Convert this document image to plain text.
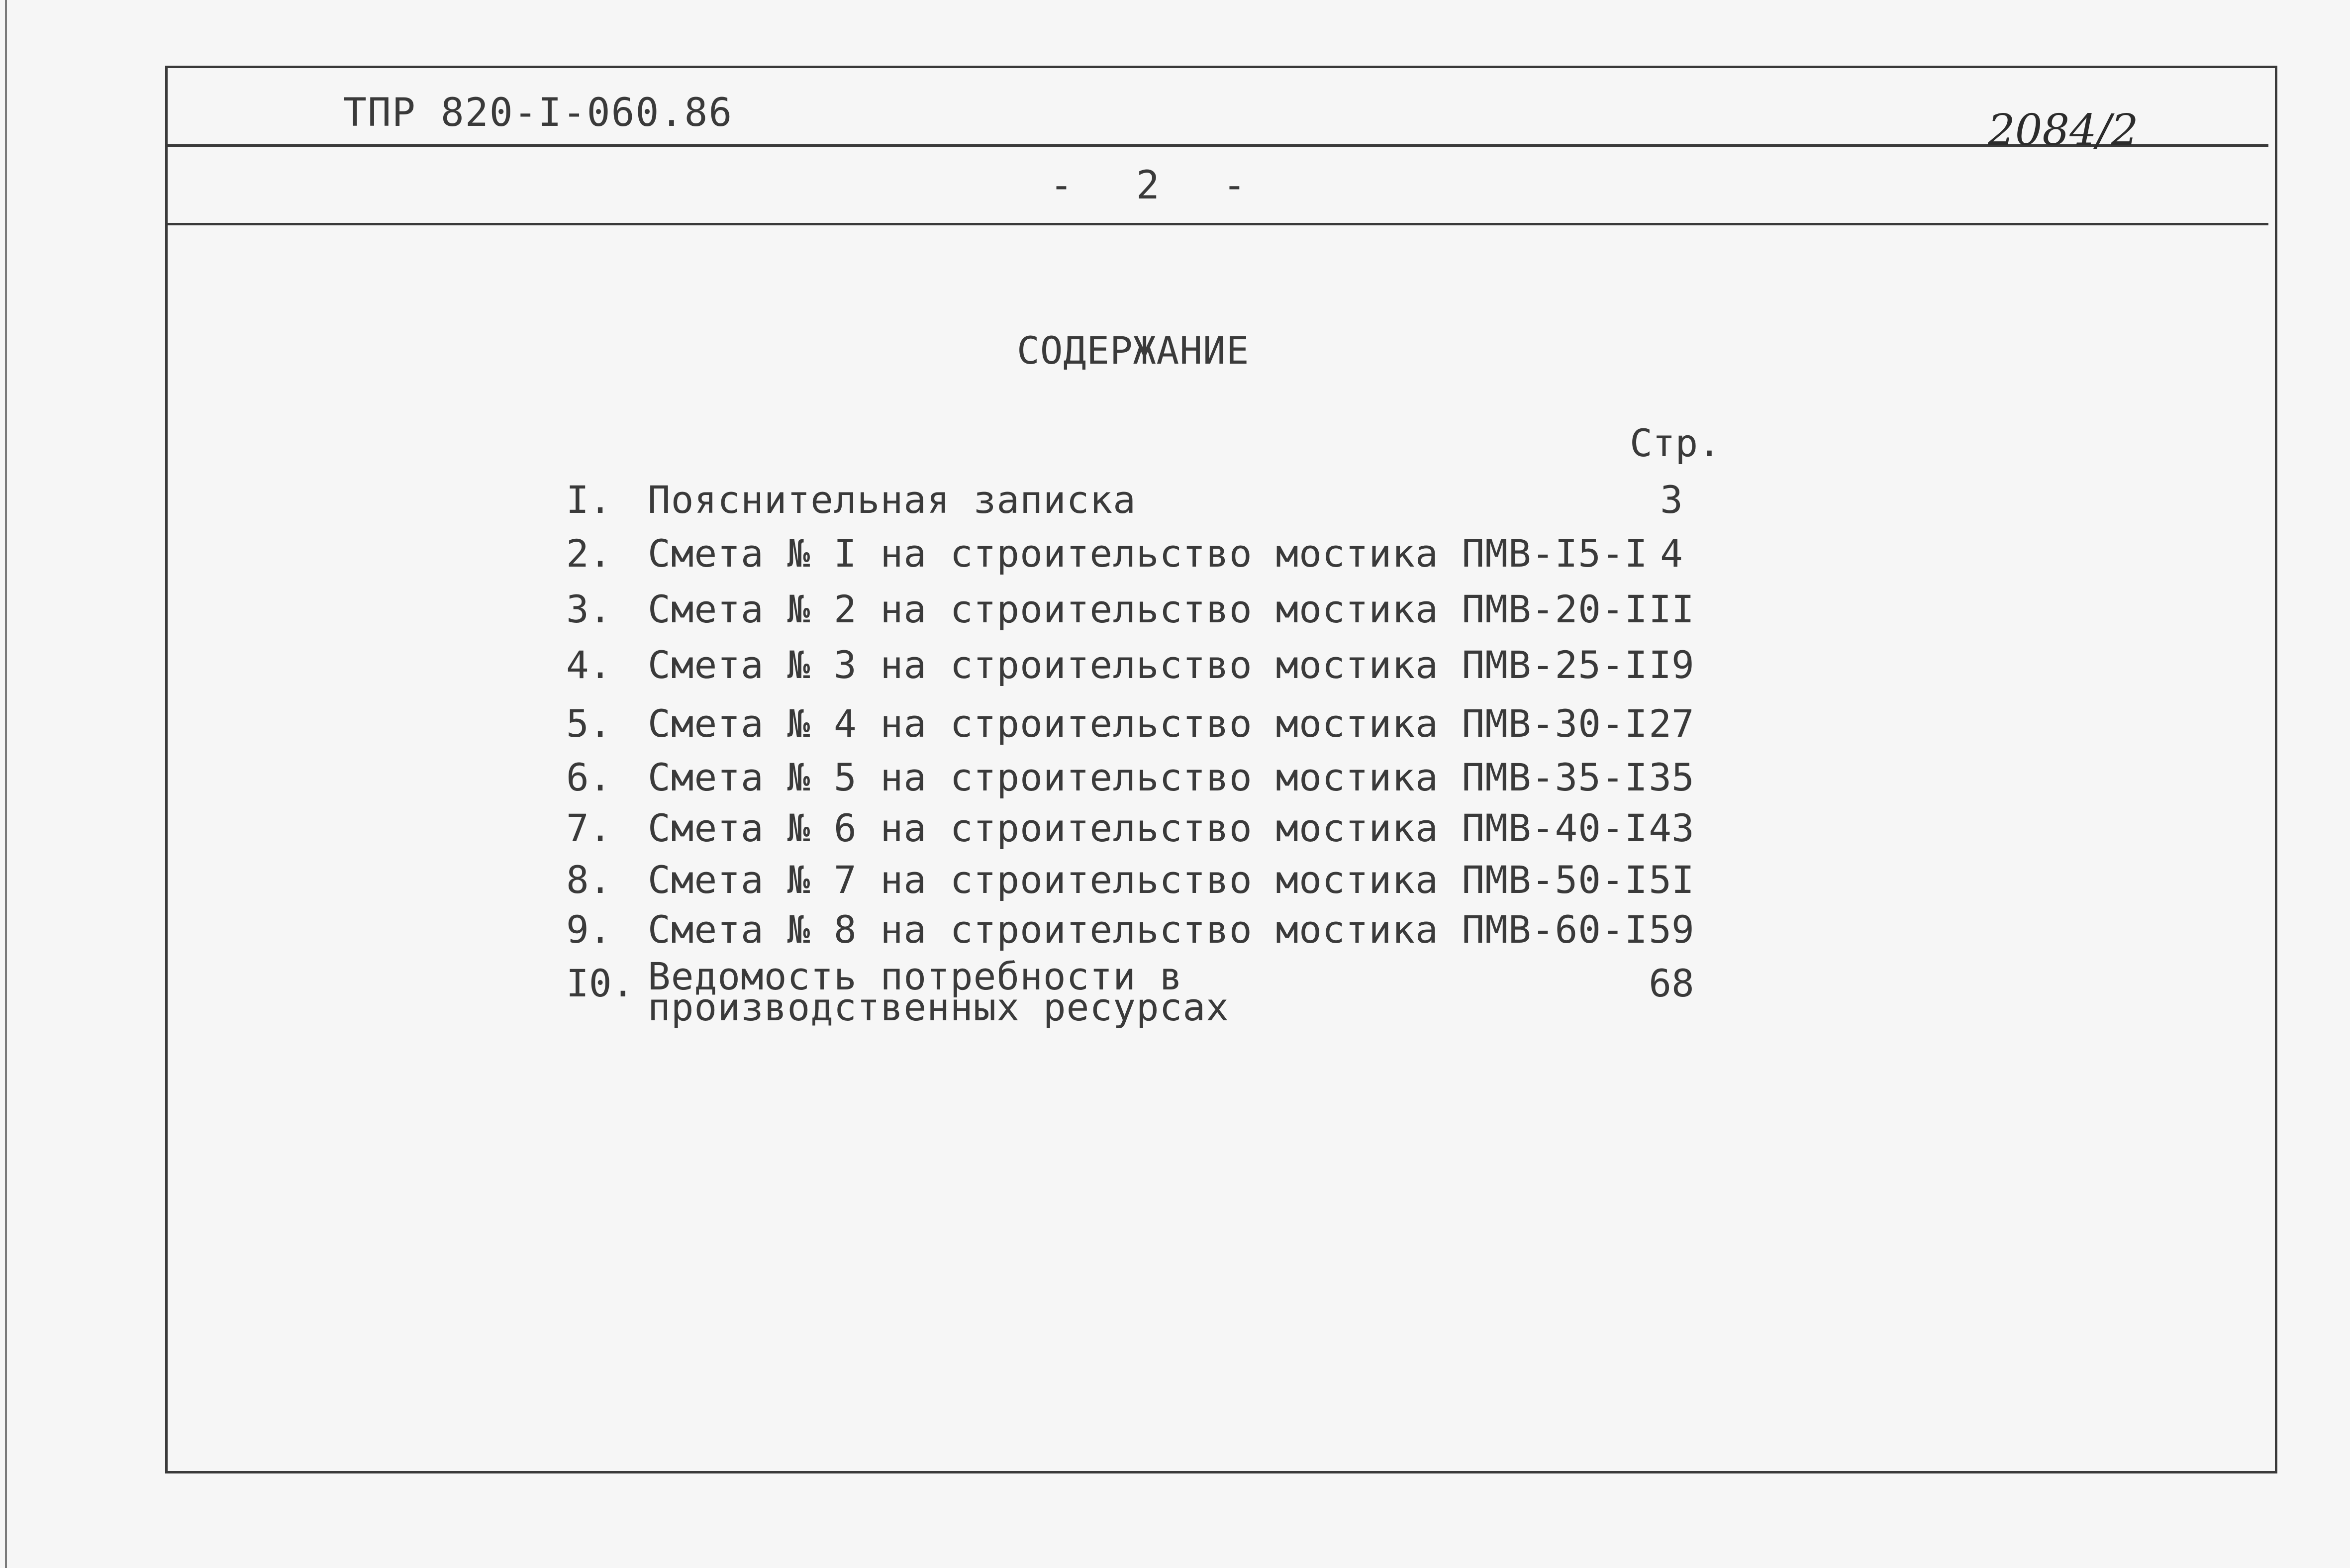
ТПР 820-I-060.86	2084/2
- 2 -
СОДЕРЖАНИЕ
Стр.
I. Пояснительная записка	3
2. Смета № I на строительство мостика ПМВ-I5-I 4
3. Смета № 2 на строительство мостика ПМВ-20-I II
4. Смета № 3 на строительство мостика ПМВ-25-I I9
5. Смета № 4 на строительство мостика ПМВ-30-I 27
6. Смета № 5 на строительство мостика ПМВ-35-I 35
7. Смета № 6 на строительство мостика ПМВ-40-I 43
8. Смета № 7 на строительство мостика ПМВ-50-I 5I
9. Смета № 8 на строительство мостика ПМВ-60-I 59
I0. Ведомость потребности в производственных ресурсах
68
